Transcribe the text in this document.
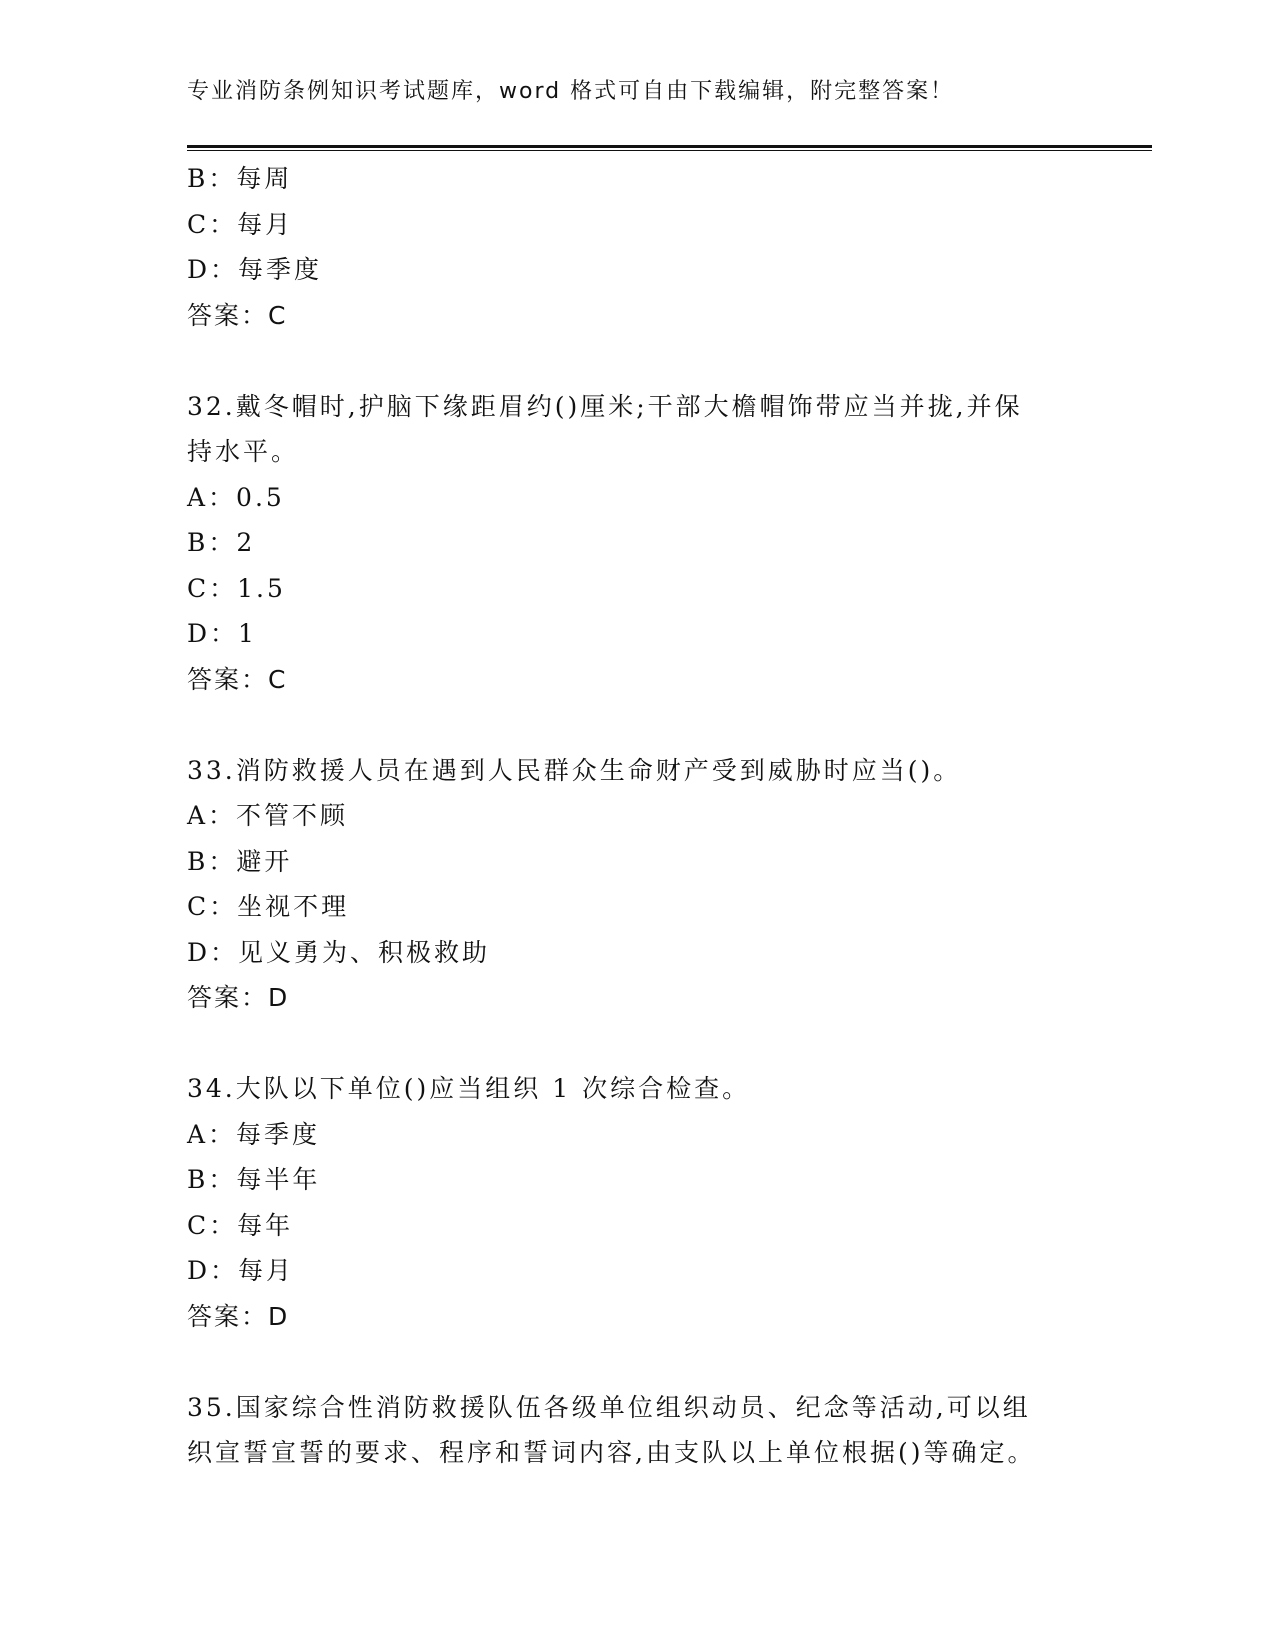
专业消防条例知识考试题库，word 格式可自由下载编辑，附完整答案！
B：每周
C：每月
D：每季度
答案：C
32.戴冬帽时,护脑下缘距眉约()厘米;干部大檐帽饰带应当并拢,并保
持水平。
A：0.5
B：2
C：1.5
D：1
答案：C
33.消防救援人员在遇到人民群众生命财产受到威胁时应当()。
A：不管不顾
B：避开
C：坐视不理
D：见义勇为、积极救助
答案：D
34.大队以下单位()应当组织 1 次综合检查。
A：每季度
B：每半年
C：每年
D：每月
答案：D
35.国家综合性消防救援队伍各级单位组织动员、纪念等活动,可以组
织宣誓宣誓的要求、程序和誓词内容,由支队以上单位根据()等确定。
